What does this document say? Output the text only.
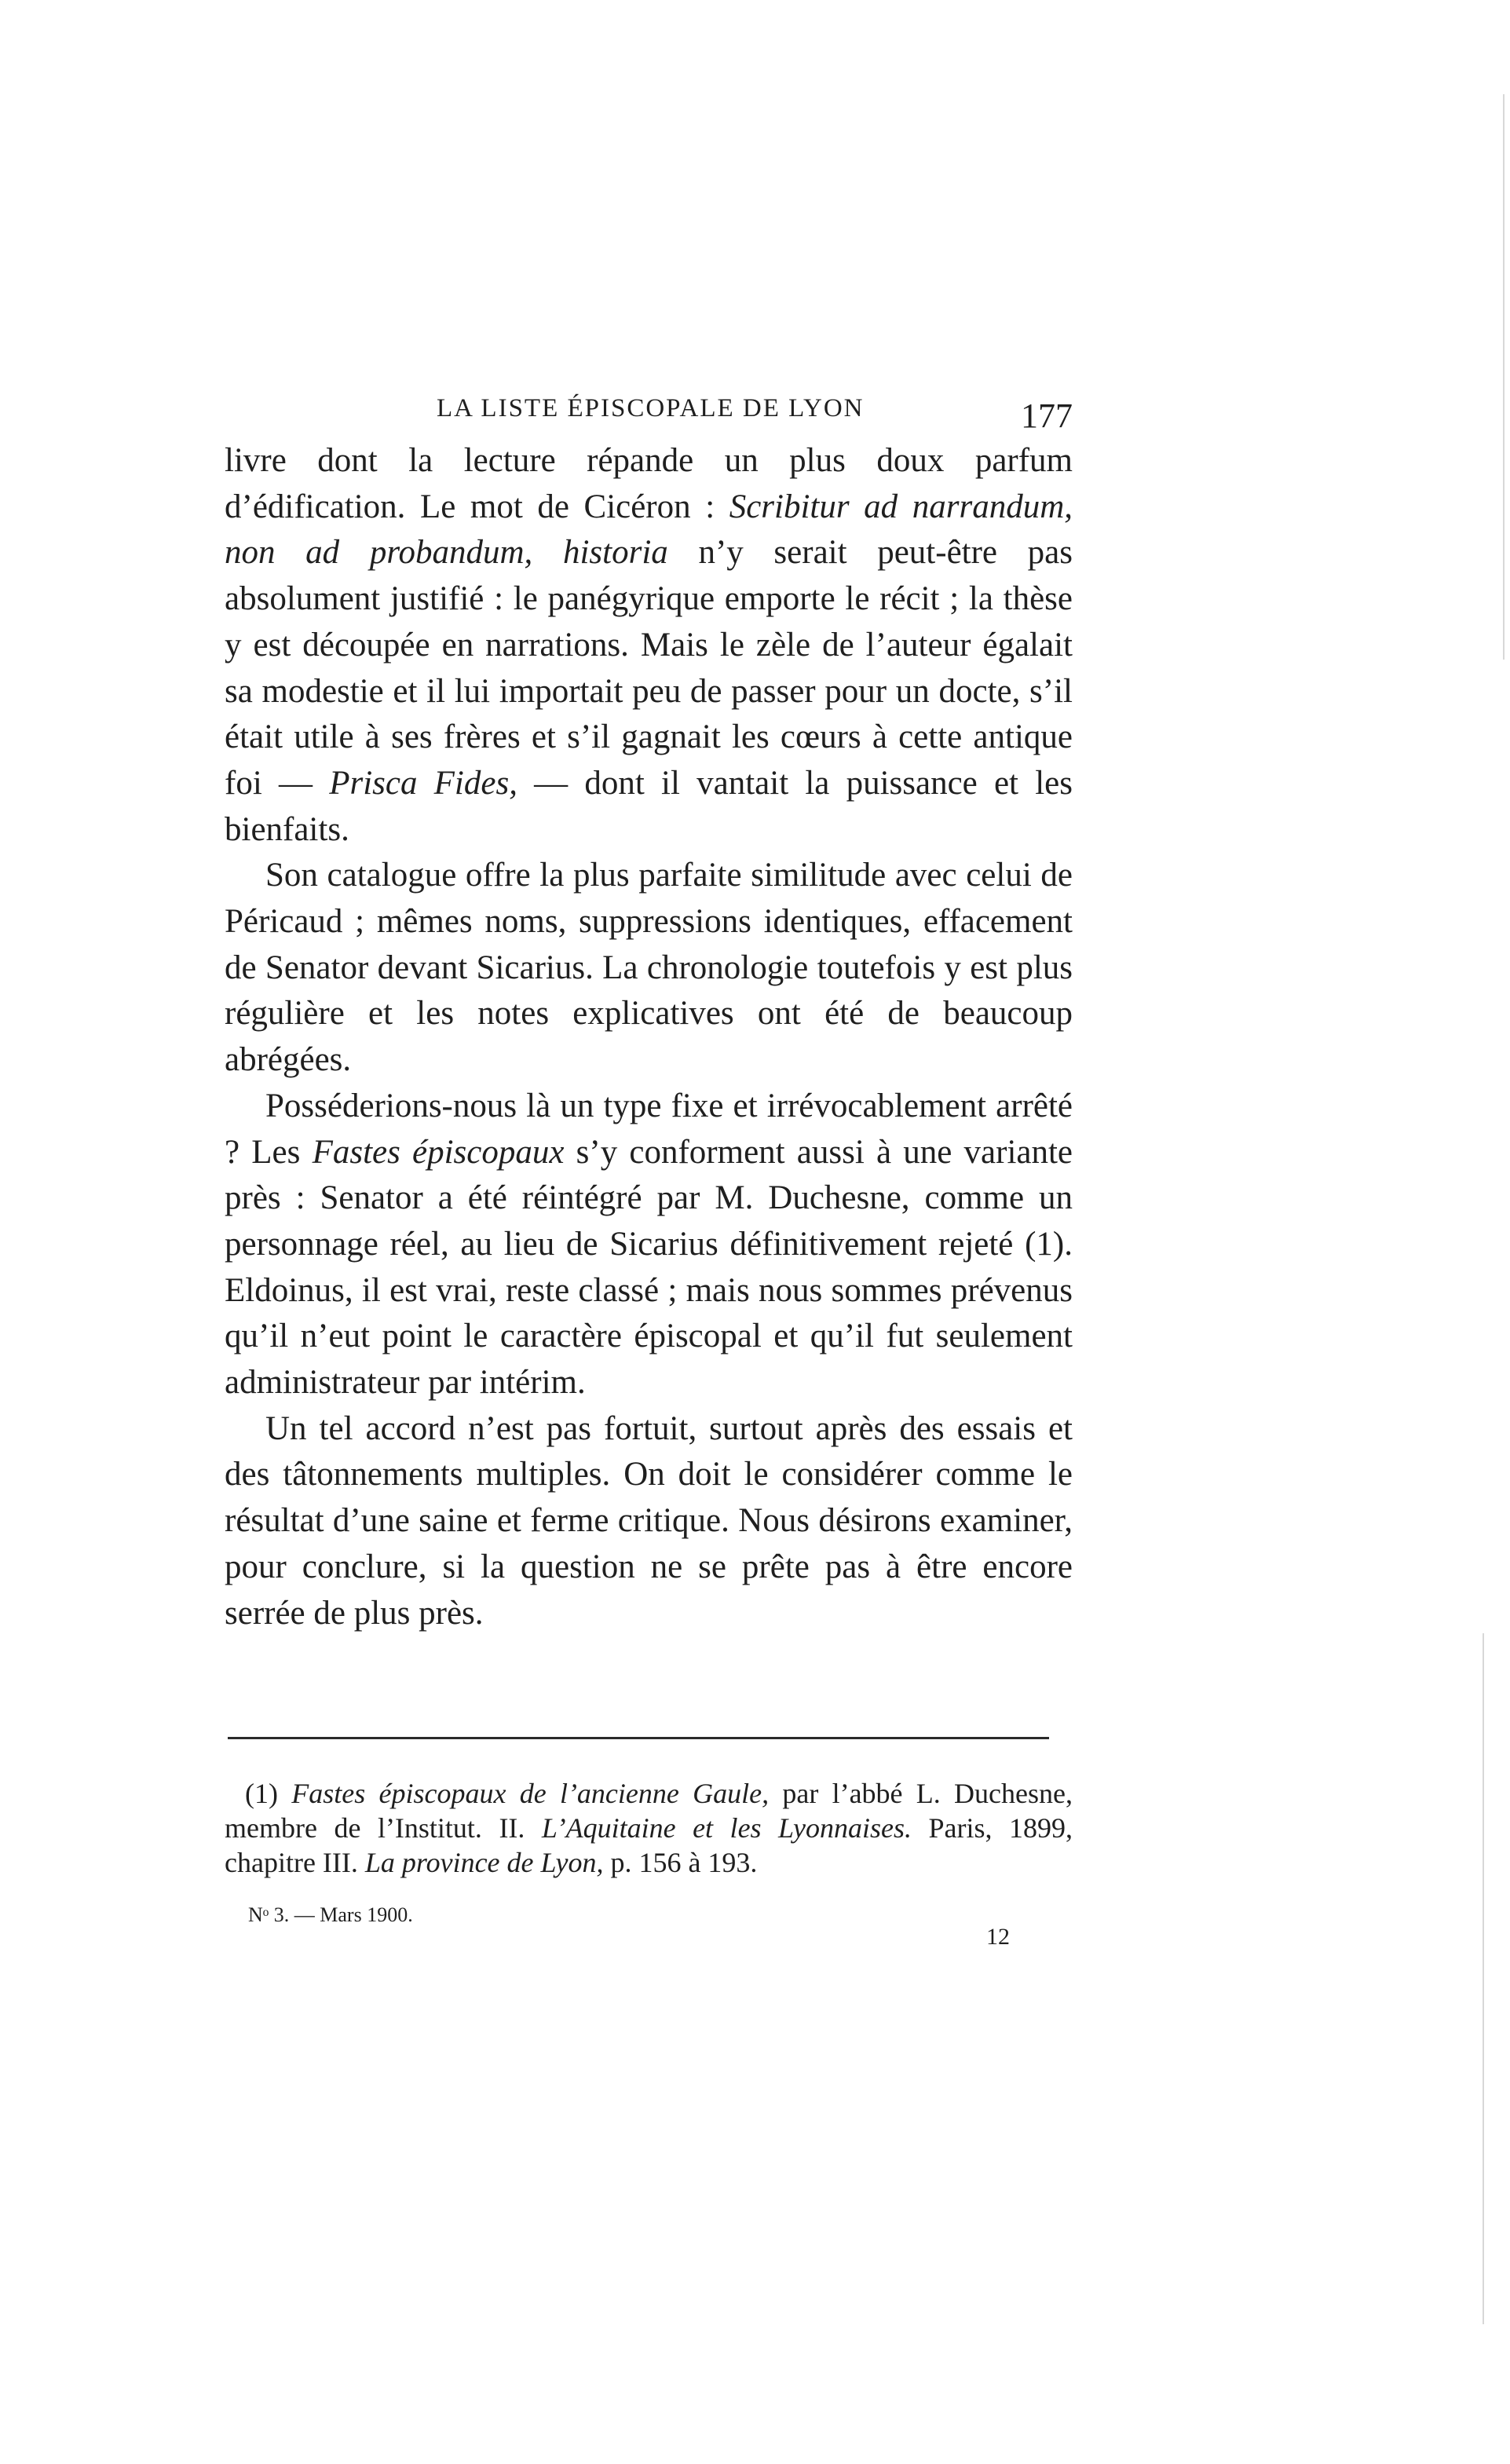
LA LISTE ÉPISCOPALE DE LYON	177

livre dont la lecture répande un plus doux parfum d’édification. Le mot de Cicéron : Scribitur ad narrandum, non ad probandum, historia n’y serait peut-être pas absolument justifié : le panégyrique emporte le récit ; la thèse y est découpée en narrations. Mais le zèle de l’auteur égalait sa modestie et il lui importait peu de passer pour un docte, s’il était utile à ses frères et s’il gagnait les cœurs à cette antique foi — Prisca Fides, — dont il vantait la puissance et les bienfaits.

Son catalogue offre la plus parfaite similitude avec celui de Péricaud ; mêmes noms, suppressions identiques, effacement de Senator devant Sicarius. La chronologie toutefois y est plus régulière et les notes explicatives ont été de beaucoup abrégées.

Posséderions-nous là un type fixe et irrévocablement arrêté ? Les Fastes épiscopaux s’y conforment aussi à une variante près : Senator a été réintégré par M. Duchesne, comme un personnage réel, au lieu de Sicarius définitivement rejeté (1). Eldoinus, il est vrai, reste classé ; mais nous sommes prévenus qu’il n’eut point le caractère épiscopal et qu’il fut seulement administrateur par intérim.

Un tel accord n’est pas fortuit, surtout après des essais et des tâtonnements multiples. On doit le considérer comme le résultat d’une saine et ferme critique. Nous désirons examiner, pour conclure, si la question ne se prête pas à être encore serrée de plus près.

(1) Fastes épiscopaux de l’ancienne Gaule, par l’abbé L. Duchesne, membre de l’Institut. II. L’Aquitaine et les Lyonnaises. Paris, 1899, chapitre III. La province de Lyon, p. 156 à 193.

Nᵒ 3. — Mars 1900.
12
